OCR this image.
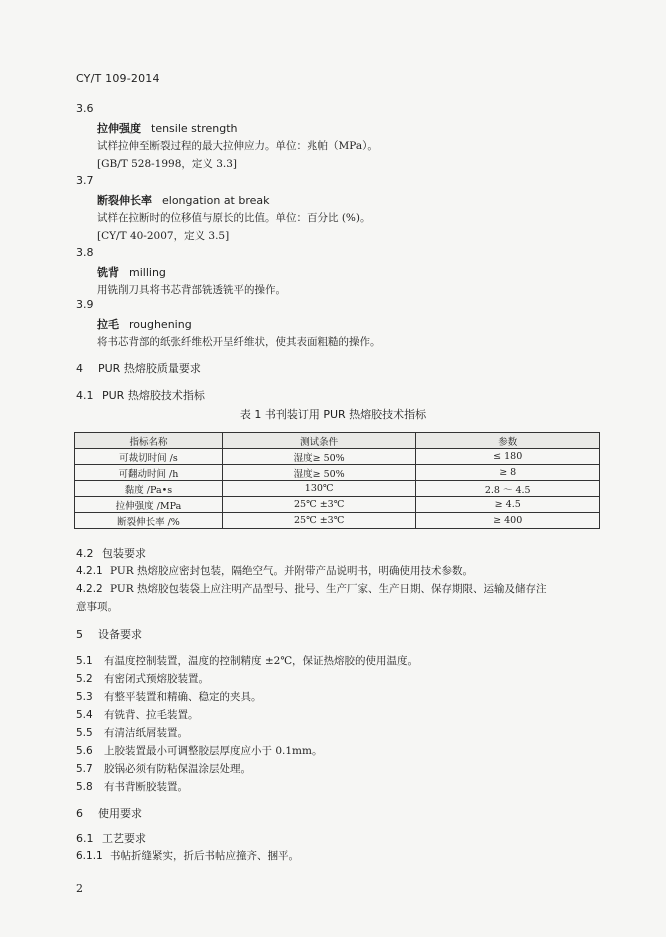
CY/T 109-2014
3.6
拉伸强度 tensile strength
试样拉伸至断裂过程的最大拉伸应力。单位：兆帕（MPa）。
[GB/T 528-1998，定义 3.3]
3.7
断裂伸长率 elongation at break
试样在拉断时的位移值与原长的比值。单位：百分比 (%)。
[CY/T 40-2007，定义 3.5]
3.8
铣背 milling
用铣削刀具将书芯背部铣透铣平的操作。
3.9
拉毛 roughening
将书芯背部的纸张纤维松开呈纤维状，使其表面粗糙的操作。
4 PUR 热熔胶质量要求
4.1 PUR 热熔胶技术指标
表 1 书刊装订用 PUR 热熔胶技术指标
指标名称	测试条件	参数
可裁切时间 /s	湿度≥ 50%	≤ 180
可翻动时间 /h	湿度≥ 50%	≥ 8
黏度 /Pa•s	130℃	2.8 ～ 4.5
拉伸强度 /MPa	25℃ ±3℃	≥ 4.5
断裂伸长率 /%	25℃ ±3℃	≥ 400
4.2 包装要求
4.2.1 PUR 热熔胶应密封包装，隔绝空气。并附带产品说明书，明确使用技术参数。
4.2.2 PUR 热熔胶包装袋上应注明产品型号、批号、生产厂家、生产日期、保存期限、运输及储存注
意事项。
5 设备要求
5.1 有温度控制装置，温度的控制精度 ±2℃，保证热熔胶的使用温度。
5.2 有密闭式预熔胶装置。
5.3 有整平装置和精确、稳定的夹具。
5.4 有铣背、拉毛装置。
5.5 有清洁纸屑装置。
5.6 上胶装置最小可调整胶层厚度应小于 0.1mm。
5.7 胶锅必须有防粘保温涂层处理。
5.8 有书背断胶装置。
6 使用要求
6.1 工艺要求
6.1.1 书帖折缝紧实，折后书帖应撞齐、捆平。
2
